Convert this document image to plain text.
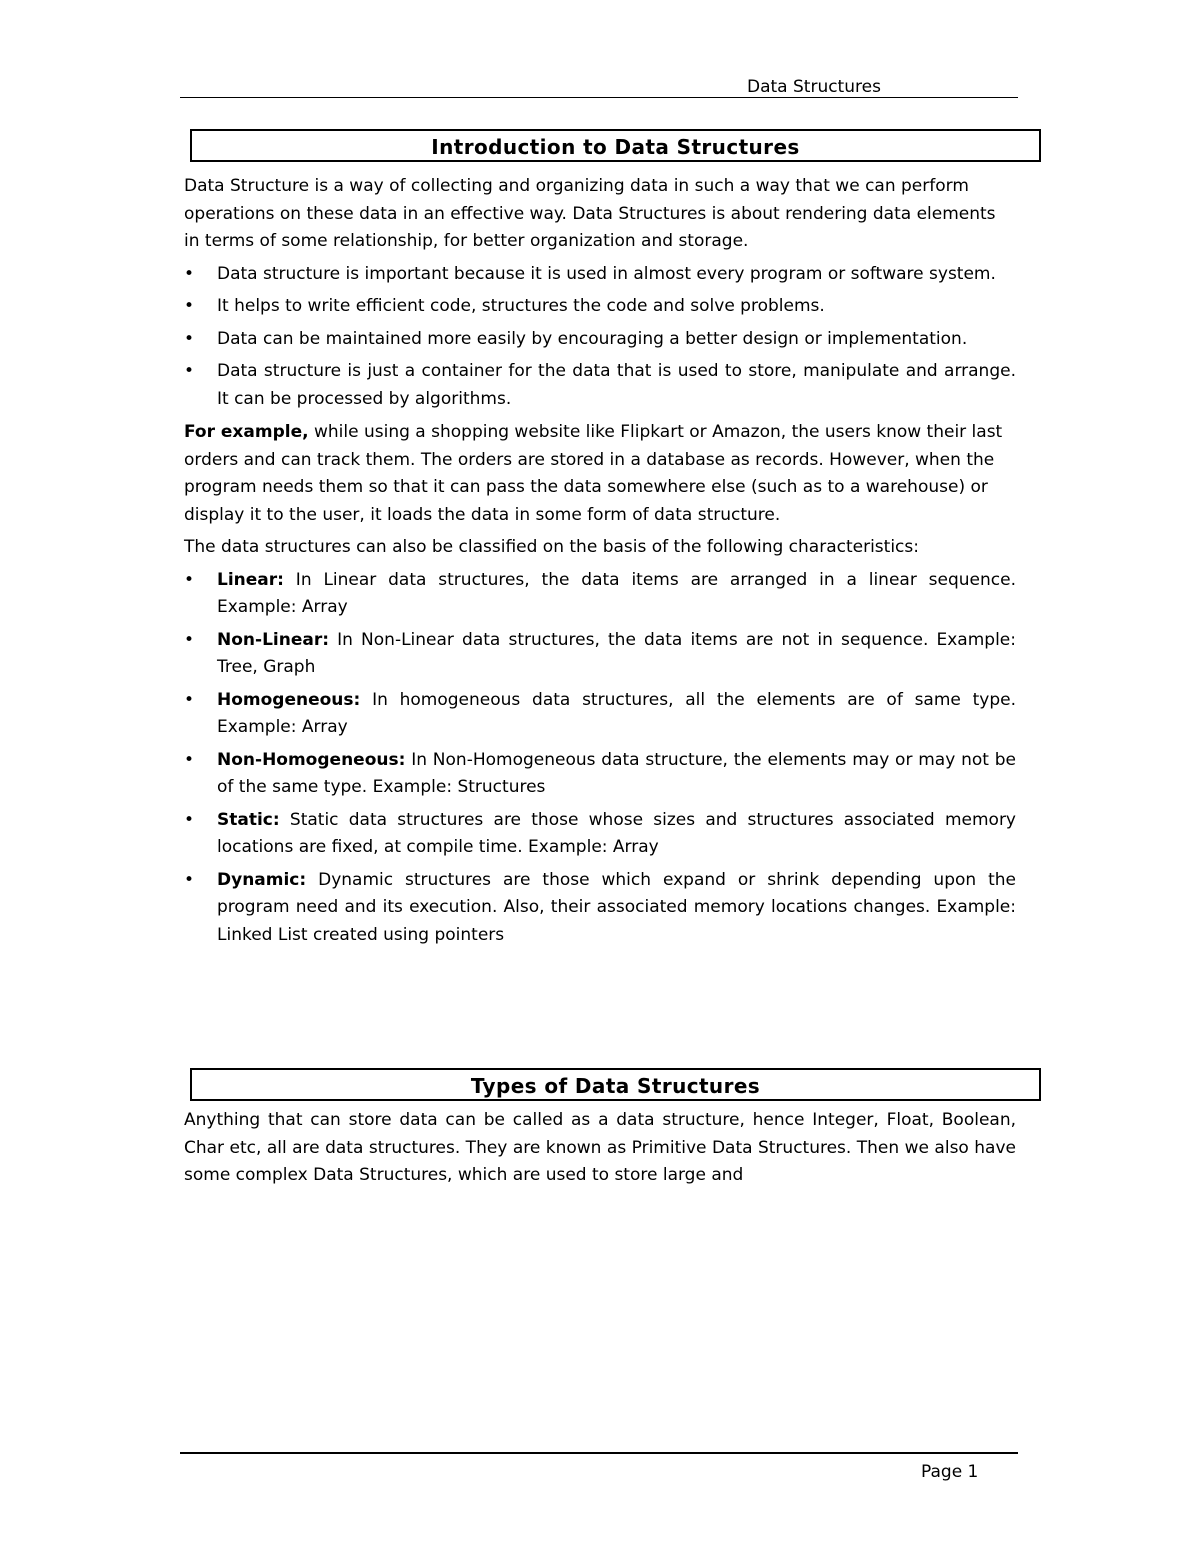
Data Structures
Introduction to Data Structures

Data Structure is a way of collecting and organizing data in such a way that we can perform operations on these data in an effective way. Data Structures is about rendering data elements in terms of some relationship, for better organization and storage.

• Data structure is important because it is used in almost every program or software system.
• It helps to write efficient code, structures the code and solve problems.
• Data can be maintained more easily by encouraging a better design or implementation.
• Data structure is just a container for the data that is used to store, manipulate and arrange. It can be processed by algorithms.

For example, while using a shopping website like Flipkart or Amazon, the users know their last orders and can track them. The orders are stored in a database as records. However, when the program needs them so that it can pass the data somewhere else (such as to a warehouse) or display it to the user, it loads the data in some form of data structure.

The data structures can also be classified on the basis of the following characteristics:

• Linear: In Linear data structures, the data items are arranged in a linear sequence. Example: Array
• Non-Linear: In Non-Linear data structures, the data items are not in sequence. Example: Tree, Graph
• Homogeneous: In homogeneous data structures, all the elements are of same type. Example: Array
• Non-Homogeneous: In Non-Homogeneous data structure, the elements may or may not be of the same type. Example: Structures
• Static: Static data structures are those whose sizes and structures associated memory locations are fixed, at compile time. Example: Array
• Dynamic: Dynamic structures are those which expand or shrink depending upon the program need and its execution. Also, their associated memory locations changes. Example: Linked List created using pointers
Types of Data Structures

Anything that can store data can be called as a data structure, hence Integer, Float, Boolean, Char etc, all are data structures. They are known as Primitive Data Structures. Then we also have some complex Data Structures, which are used to store large and

Page 1
